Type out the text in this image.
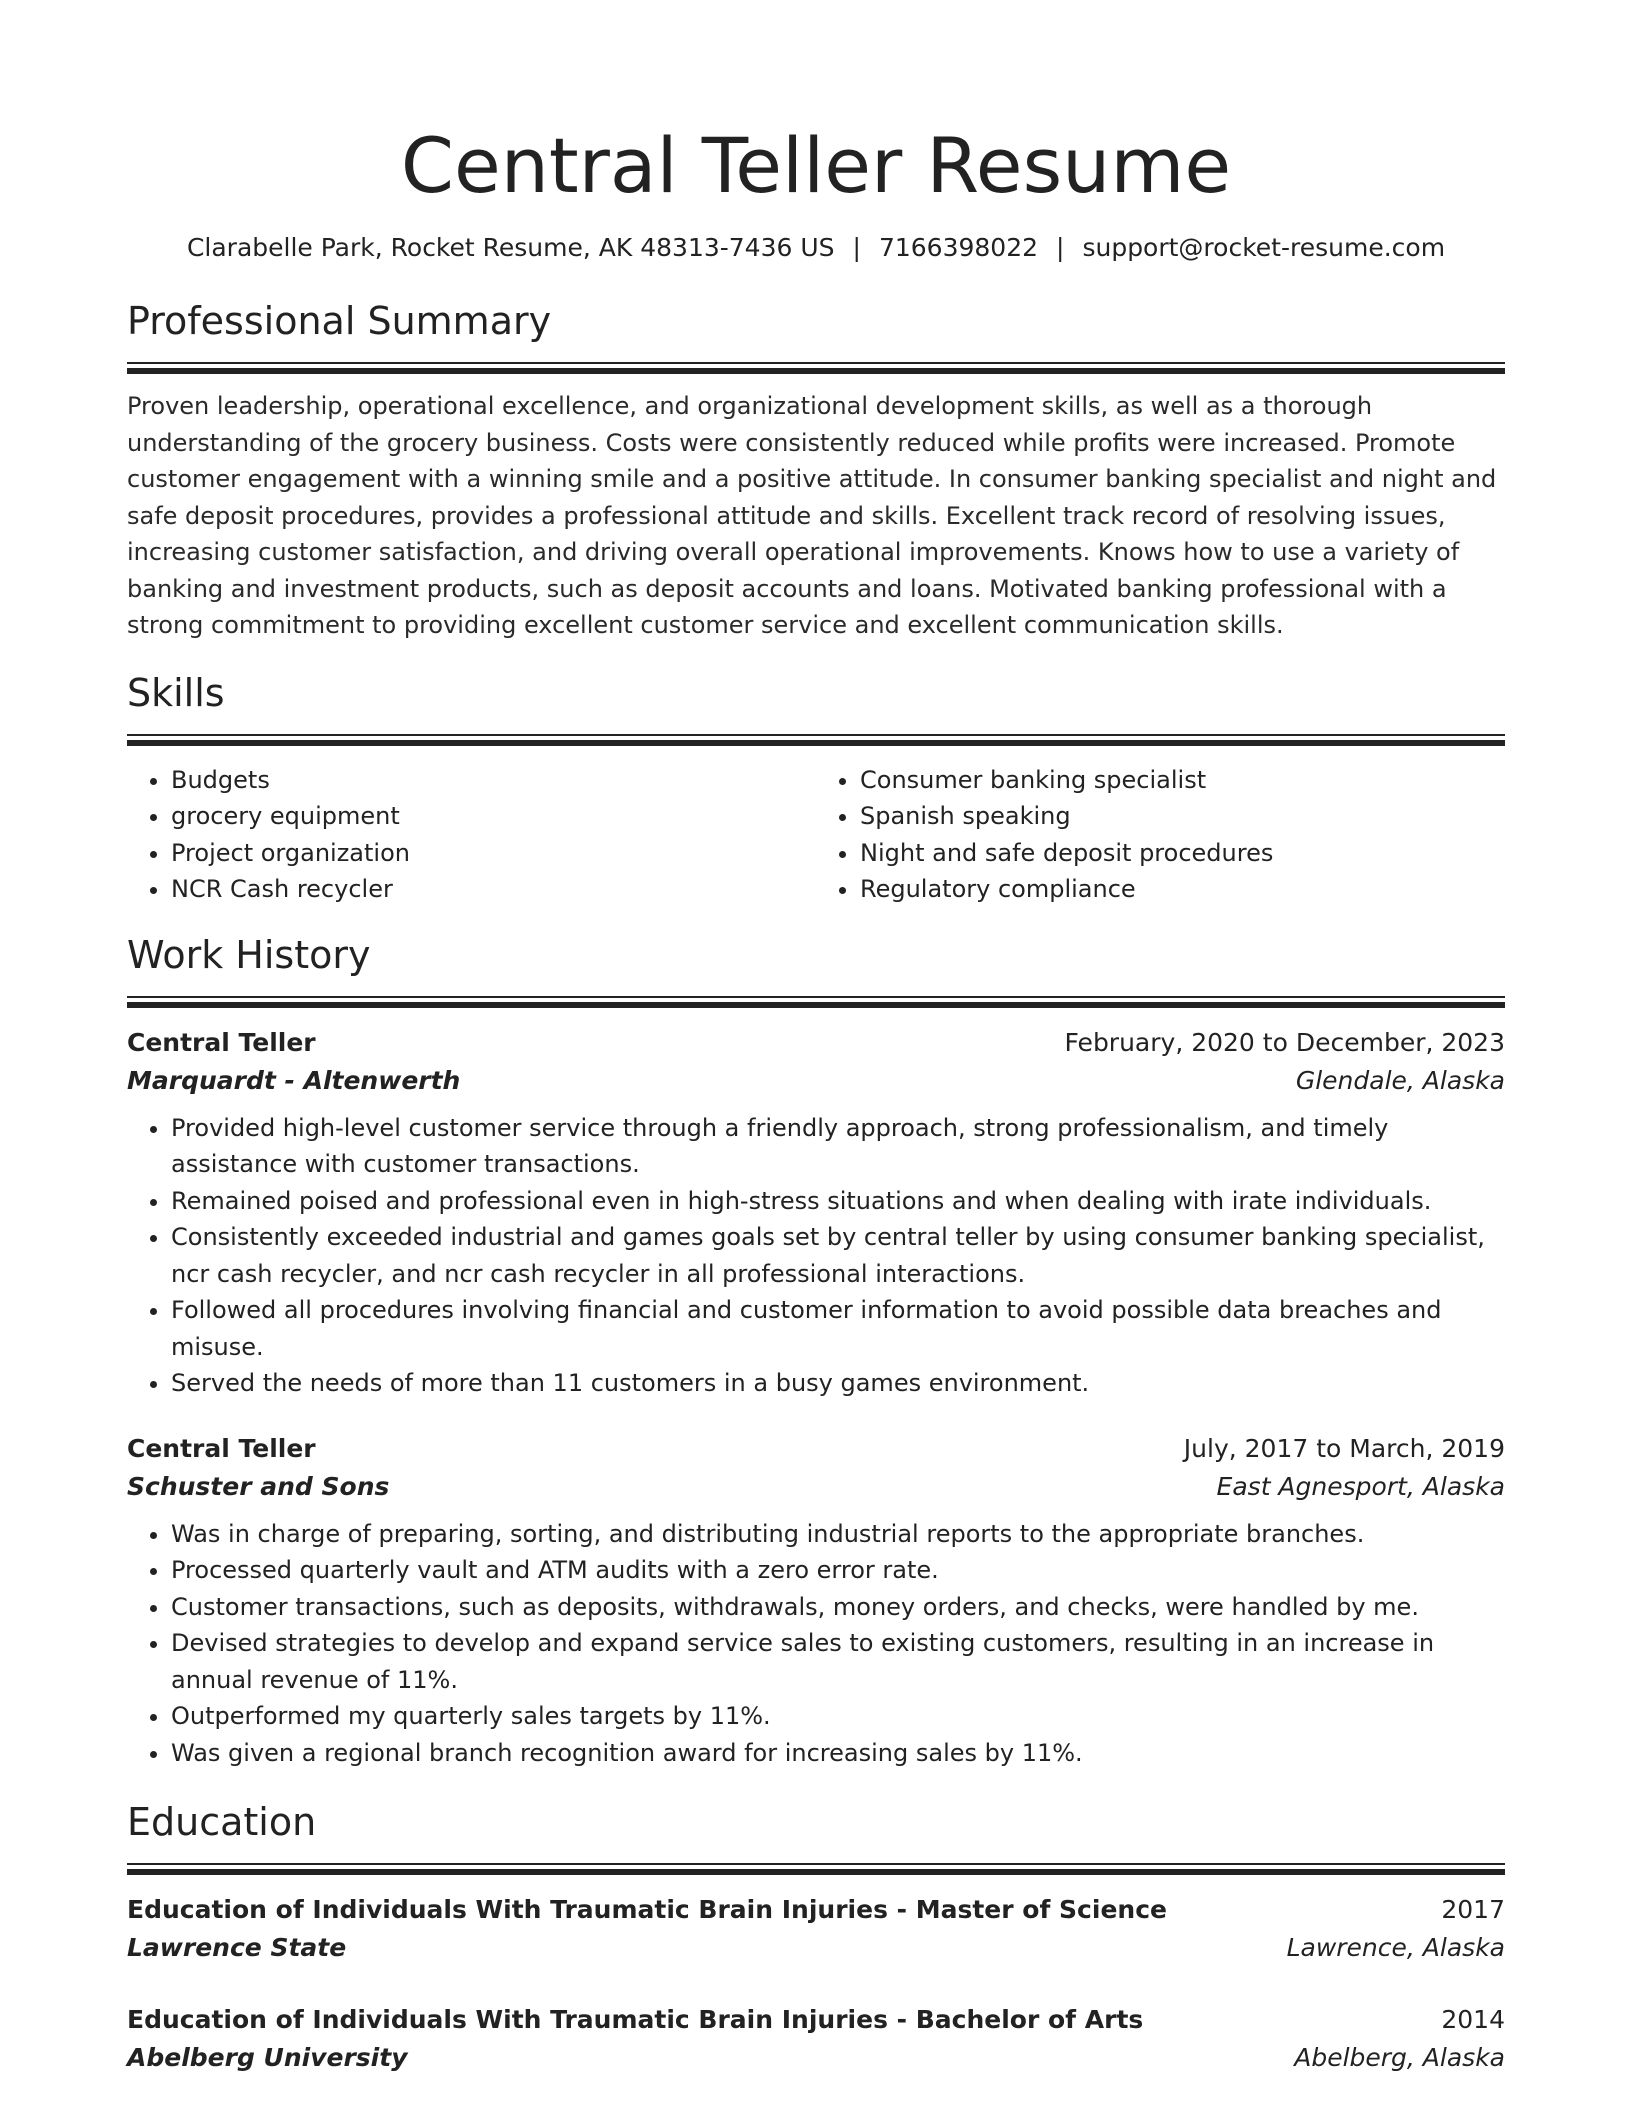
Central Teller Resume
Clarabelle Park, Rocket Resume, AK 48313-7436 US | 7166398022 | support@rocket-resume.com
Professional Summary
Proven leadership, operational excellence, and organizational development skills, as well as a thorough understanding of the grocery business. Costs were consistently reduced while profits were increased. Promote customer engagement with a winning smile and a positive attitude. In consumer banking specialist and night and safe deposit procedures, provides a professional attitude and skills. Excellent track record of resolving issues, increasing customer satisfaction, and driving overall operational improvements. Knows how to use a variety of banking and investment products, such as deposit accounts and loans. Motivated banking professional with a strong commitment to providing excellent customer service and excellent communication skills.
Skills
• Budgets
• grocery equipment
• Project organization
• NCR Cash recycler
• Consumer banking specialist
• Spanish speaking
• Night and safe deposit procedures
• Regulatory compliance
Work History
Central Teller	February, 2020 to December, 2023
Marquardt - Altenwerth	Glendale, Alaska
• Provided high-level customer service through a friendly approach, strong professionalism, and timely assistance with customer transactions.
• Remained poised and professional even in high-stress situations and when dealing with irate individuals.
• Consistently exceeded industrial and games goals set by central teller by using consumer banking specialist, ncr cash recycler, and ncr cash recycler in all professional interactions.
• Followed all procedures involving financial and customer information to avoid possible data breaches and misuse.
• Served the needs of more than 11 customers in a busy games environment.
Central Teller	July, 2017 to March, 2019
Schuster and Sons	East Agnesport, Alaska
• Was in charge of preparing, sorting, and distributing industrial reports to the appropriate branches.
• Processed quarterly vault and ATM audits with a zero error rate.
• Customer transactions, such as deposits, withdrawals, money orders, and checks, were handled by me.
• Devised strategies to develop and expand service sales to existing customers, resulting in an increase in annual revenue of 11%.
• Outperformed my quarterly sales targets by 11%.
• Was given a regional branch recognition award for increasing sales by 11%.
Education
Education of Individuals With Traumatic Brain Injuries - Master of Science	2017
Lawrence State	Lawrence, Alaska
Education of Individuals With Traumatic Brain Injuries - Bachelor of Arts	2014
Abelberg University	Abelberg, Alaska
